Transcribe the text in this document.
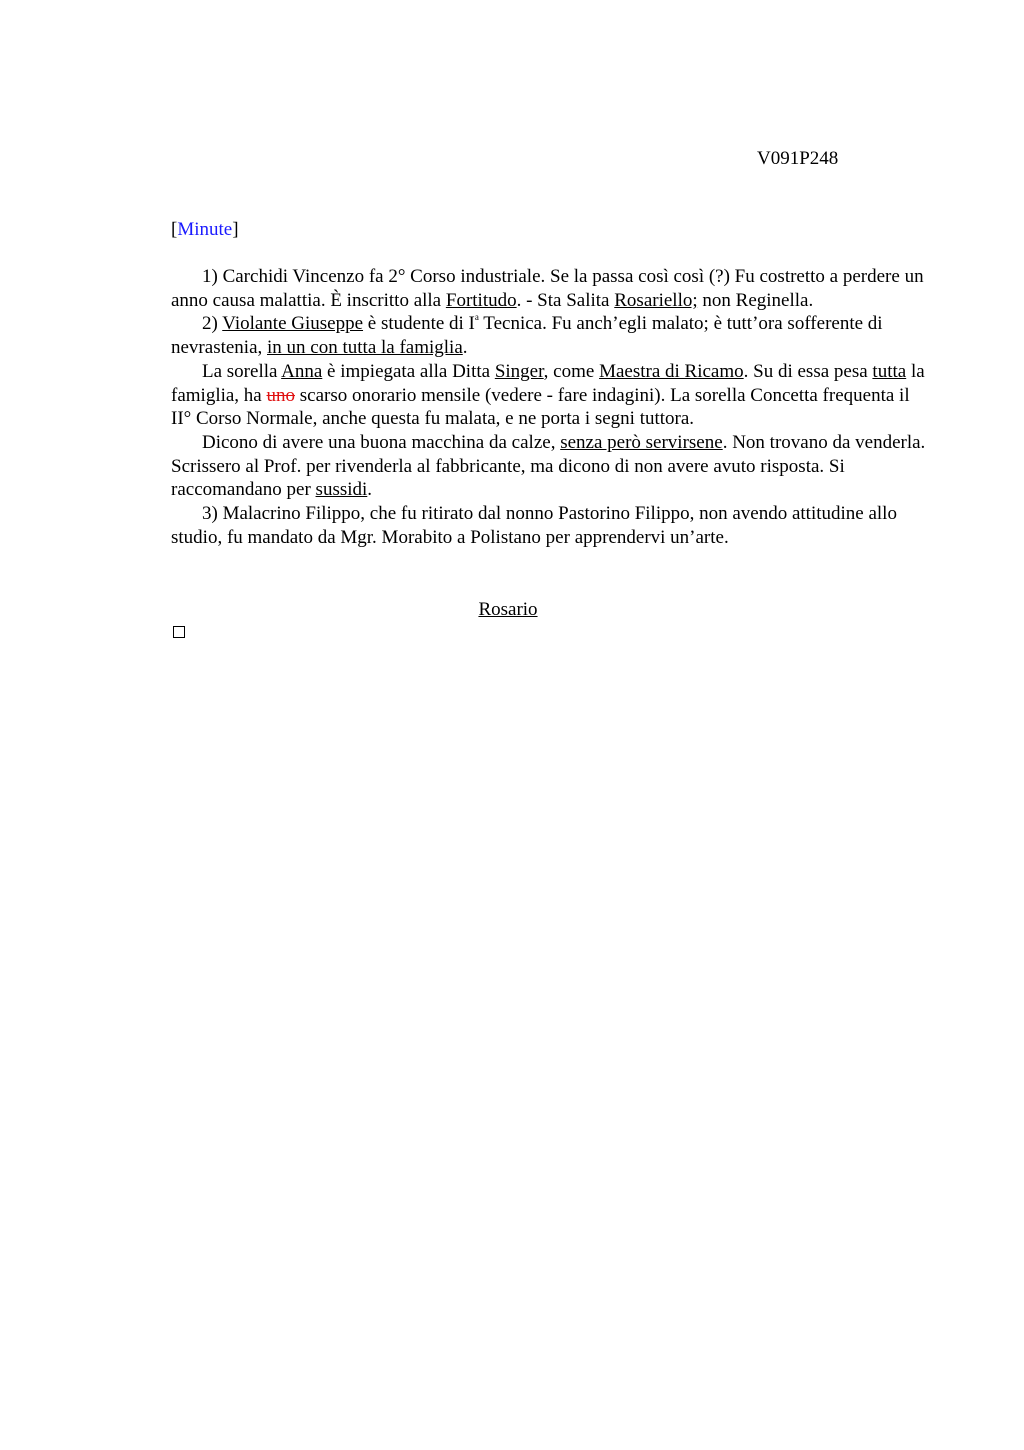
V091P248
[Minute]

1) Carchidi Vincenzo fa 2° Corso industriale. Se la passa così così (?) Fu costretto a perdere un anno causa malattia. È inscritto alla Fortitudo. - Sta Salita Rosariello; non Reginella.

2) Violante Giuseppe è studente di $I^a$ Tecnica. Fu anch’egli malato; è tutt’ora sofferente di nevrastenia, in un con tutta la famiglia.

La sorella Anna è impiegata alla Ditta Singer, come Maestra di Ricamo. Su di essa pesa tutta la famiglia, ha uno scarso onorario mensile (vedere - fare indagini). La sorella Concetta frequenta il II° Corso Normale, anche questa fu malata, e ne porta i segni tuttora.

Dicono di avere una buona macchina da calze, senza però servirsene. Non trovano da venderla. Scrissero al Prof. per rivenderla al fabbricante, ma dicono di non avere avuto risposta. Si raccomandano per sussidi.

3) Malacrino Filippo, che fu ritirato dal nonno Pastorino Filippo, non avendo attitudine allo studio, fu mandato da Mgr. Morabito a Polistano per apprendervi un’arte.

Rosario
